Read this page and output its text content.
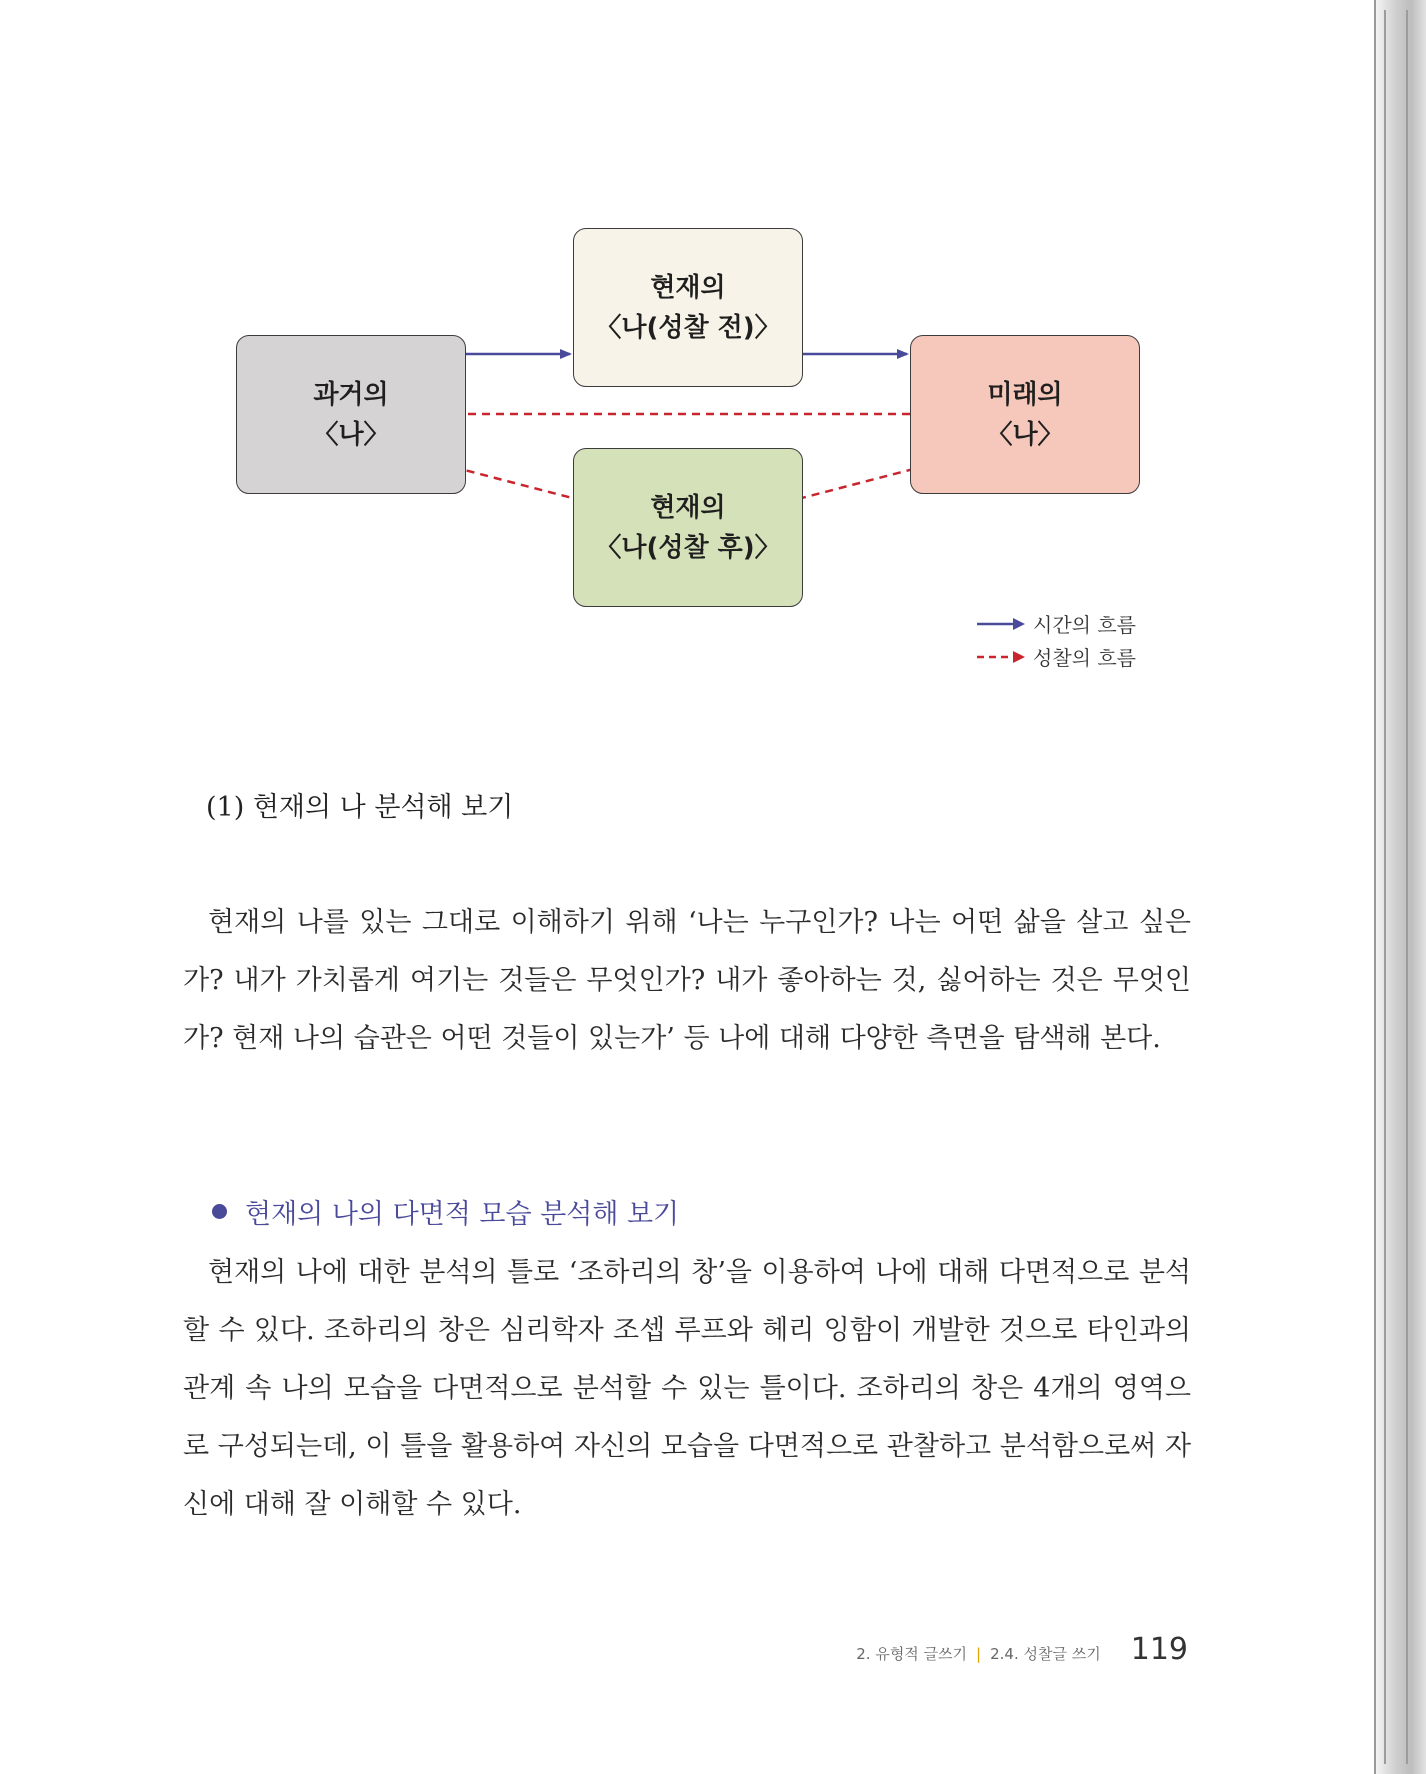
과거의
〈나〉
현재의
〈나(성찰 전)〉
미래의
〈나〉
현재의
〈나(성찰 후)〉
시간의 흐름
성찰의 흐름
(1) 현재의 나 분석해 보기

현재의 나를 있는 그대로 이해하기 위해 ‘나는 누구인가? 나는 어떤 삶을 살고 싶은가? 내가 가치롭게 여기는 것들은 무엇인가? 내가 좋아하는 것, 싫어하는 것은 무엇인가? 현재 나의 습관은 어떤 것들이 있는가’ 등 나에 대해 다양한 측면을 탐색해 본다.

현재의 나의 다면적 모습 분석해 보기

현재의 나에 대한 분석의 틀로 ‘조하리의 창’을 이용하여 나에 대해 다면적으로 분석할 수 있다. 조하리의 창은 심리학자 조셉 루프와 헤리 잉함이 개발한 것으로 타인과의 관계 속 나의 모습을 다면적으로 분석할 수 있는 틀이다. 조하리의 창은 4개의 영역으로 구성되는데, 이 틀을 활용하여 자신의 모습을 다면적으로 관찰하고 분석함으로써 자신에 대해 잘 이해할 수 있다.

2. 유형적 글쓰기 | 2.4. 성찰글 쓰기 119
